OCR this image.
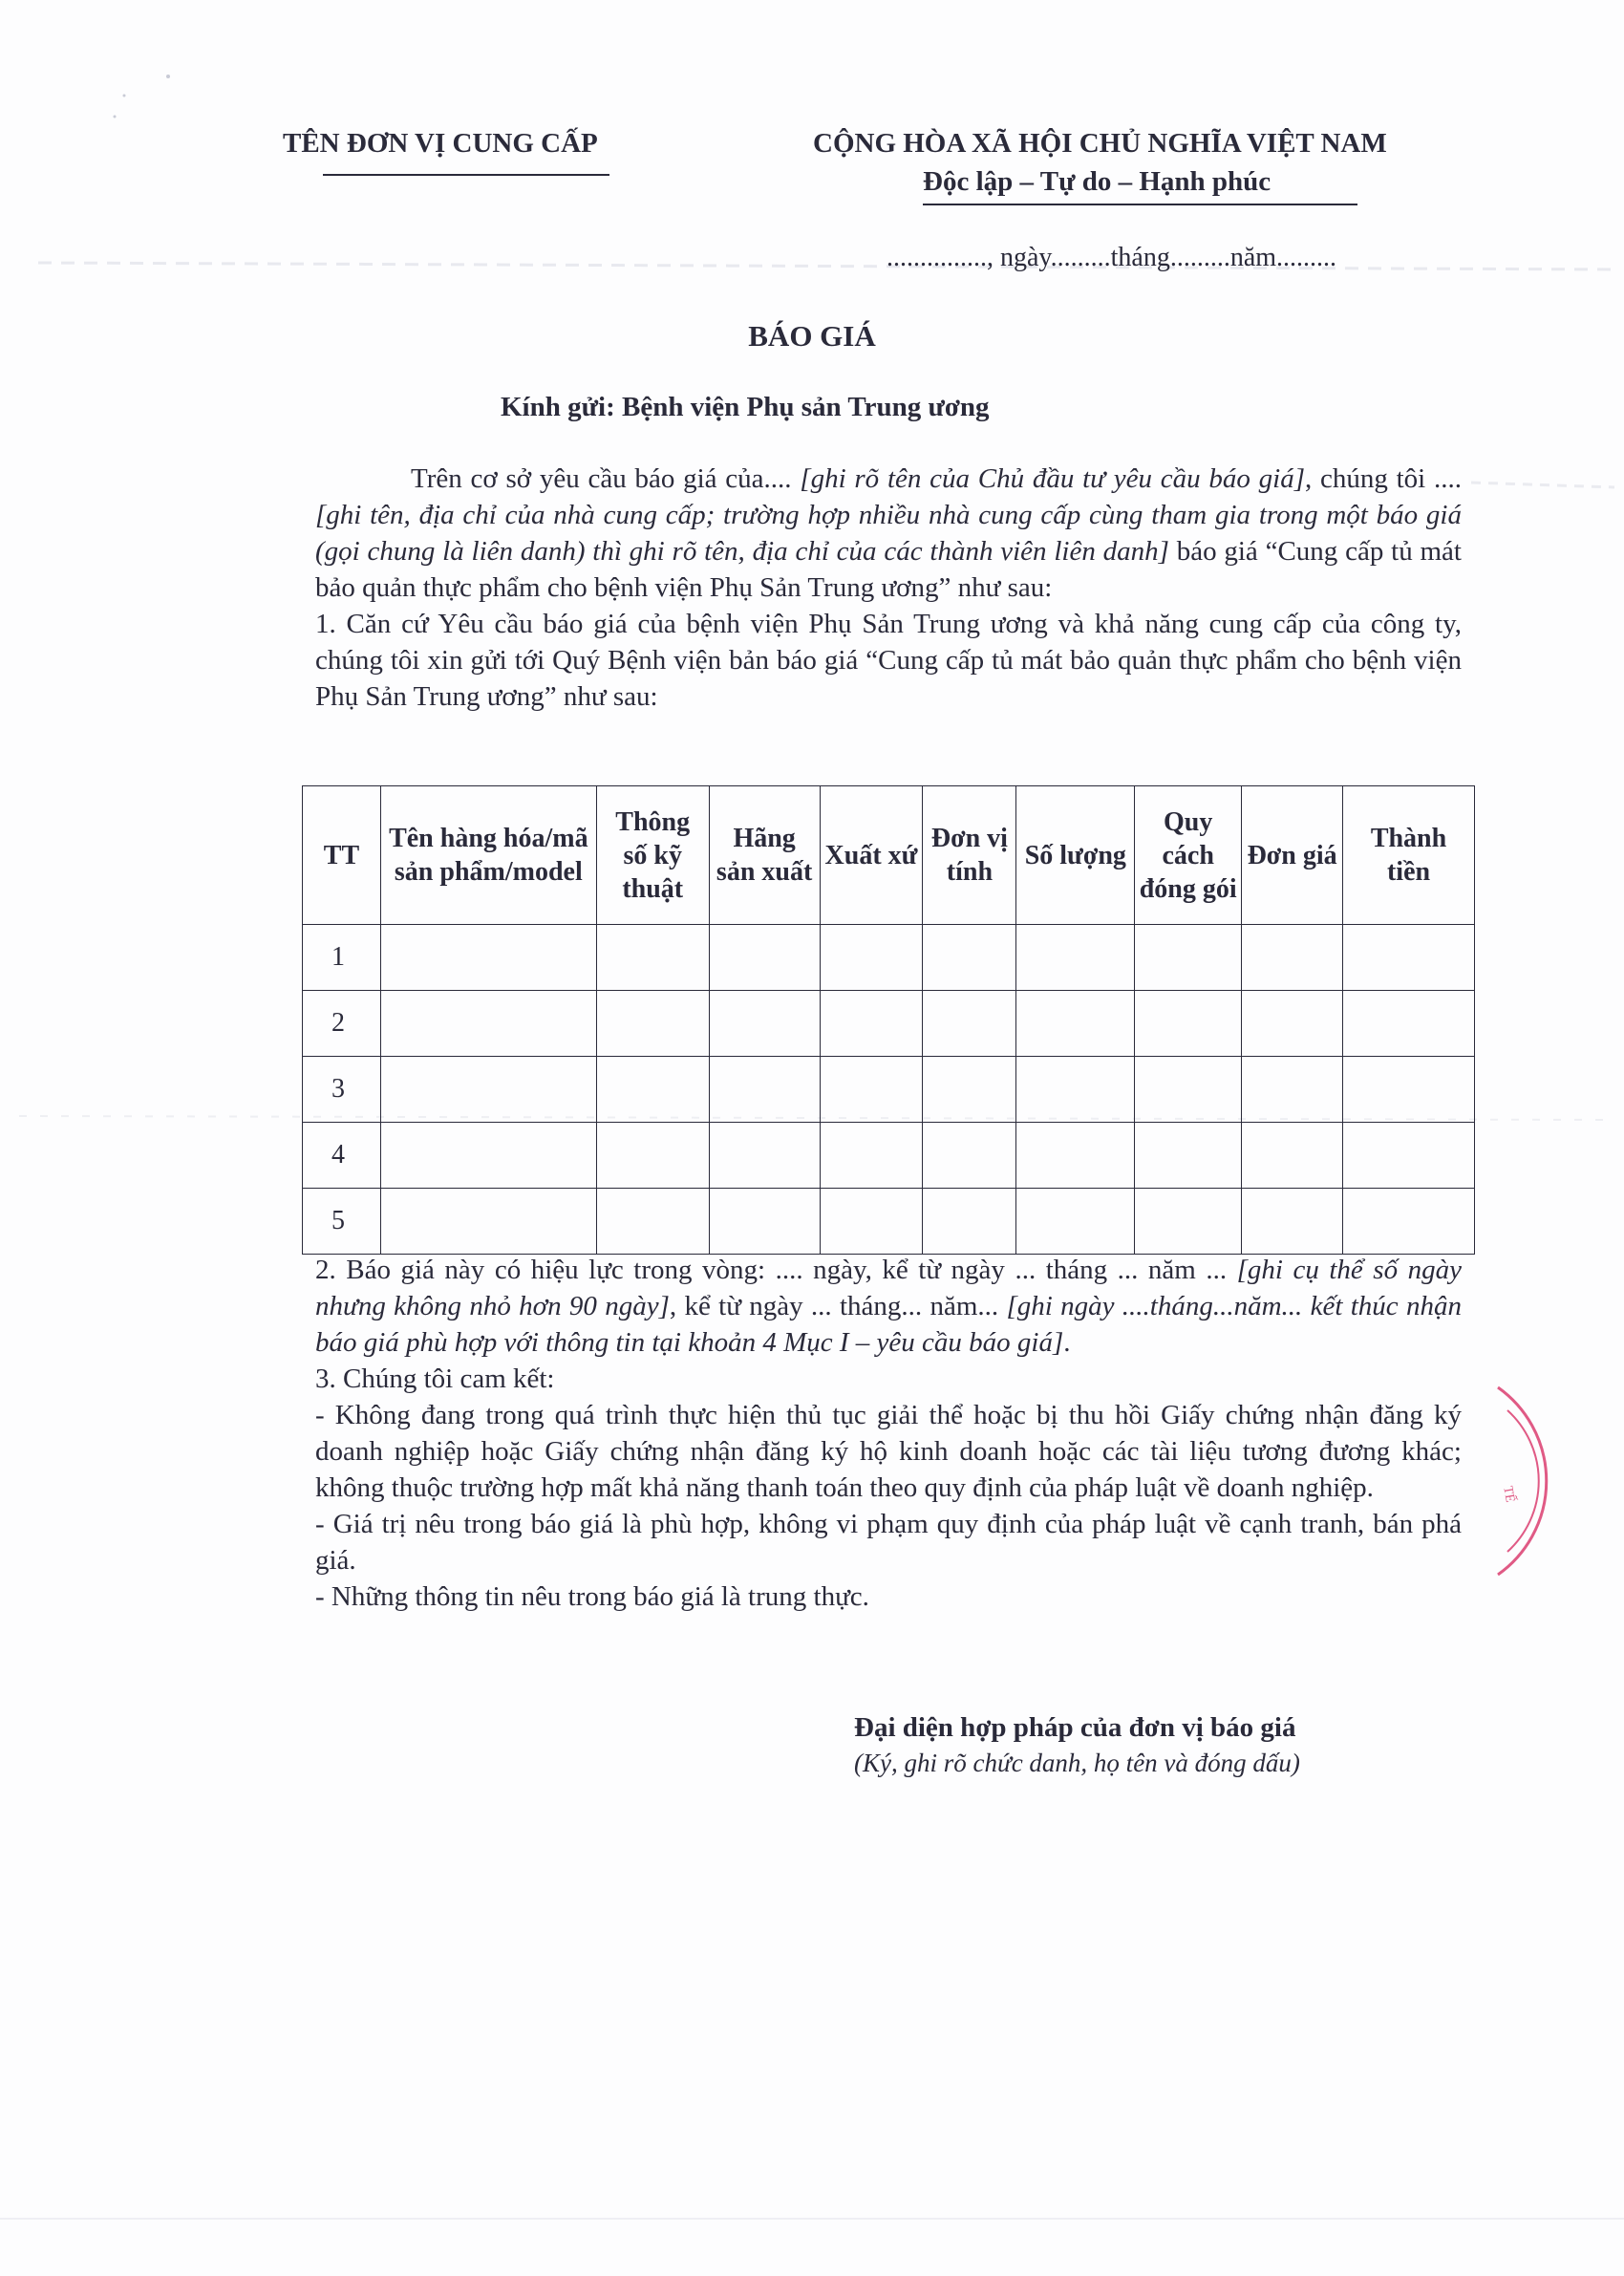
TÊN ĐƠN VỊ CUNG CẤP	CỘNG HÒA XÃ HỘI CHỦ NGHĨA VIỆT NAM
Độc lập – Tự do – Hạnh phúc
..............., ngày.........tháng.........năm.........
BÁO GIÁ
Kính gửi: Bệnh viện Phụ sản Trung ương

Trên cơ sở yêu cầu báo giá của.... [ghi rõ tên của Chủ đầu tư yêu cầu báo giá], chúng tôi .... [ghi tên, địa chỉ của nhà cung cấp; trường hợp nhiều nhà cung cấp cùng tham gia trong một báo giá (gọi chung là liên danh) thì ghi rõ tên, địa chỉ của các thành viên liên danh] báo giá “Cung cấp tủ mát bảo quản thực phẩm cho bệnh viện Phụ Sản Trung ương” như sau:

1. Căn cứ Yêu cầu báo giá của bệnh viện Phụ Sản Trung ương và khả năng cung cấp của công ty, chúng tôi xin gửi tới Quý Bệnh viện bản báo giá “Cung cấp tủ mát bảo quản thực phẩm cho bệnh viện Phụ Sản Trung ương” như sau:

TT	Tên hàng hóa/mã sản phẩm/model	Thông số kỹ thuật	Hãng sản xuất	Xuất xứ	Đơn vị tính	Số lượng	Quy cách đóng gói	Đơn giá	Thành tiền
1									
2									
3									
4									
5									

2. Báo giá này có hiệu lực trong vòng: .... ngày, kể từ ngày ... tháng ... năm ... [ghi cụ thể số ngày nhưng không nhỏ hơn 90 ngày], kể từ ngày ... tháng... năm... [ghi ngày ....tháng...năm... kết thúc nhận báo giá phù hợp với thông tin tại khoản 4 Mục I – yêu cầu báo giá].

3. Chúng tôi cam kết:

- Không đang trong quá trình thực hiện thủ tục giải thể hoặc bị thu hồi Giấy chứng nhận đăng ký doanh nghiệp hoặc Giấy chứng nhận đăng ký hộ kinh doanh hoặc các tài liệu tương đương khác; không thuộc trường hợp mất khả năng thanh toán theo quy định của pháp luật về doanh nghiệp.

- Giá trị nêu trong báo giá là phù hợp, không vi phạm quy định của pháp luật về cạnh tranh, bán phá giá.

- Những thông tin nêu trong báo giá là trung thực.

Đại diện hợp pháp của đơn vị báo giá
(Ký, ghi rõ chức danh, họ tên và đóng dấu)
TẾ
